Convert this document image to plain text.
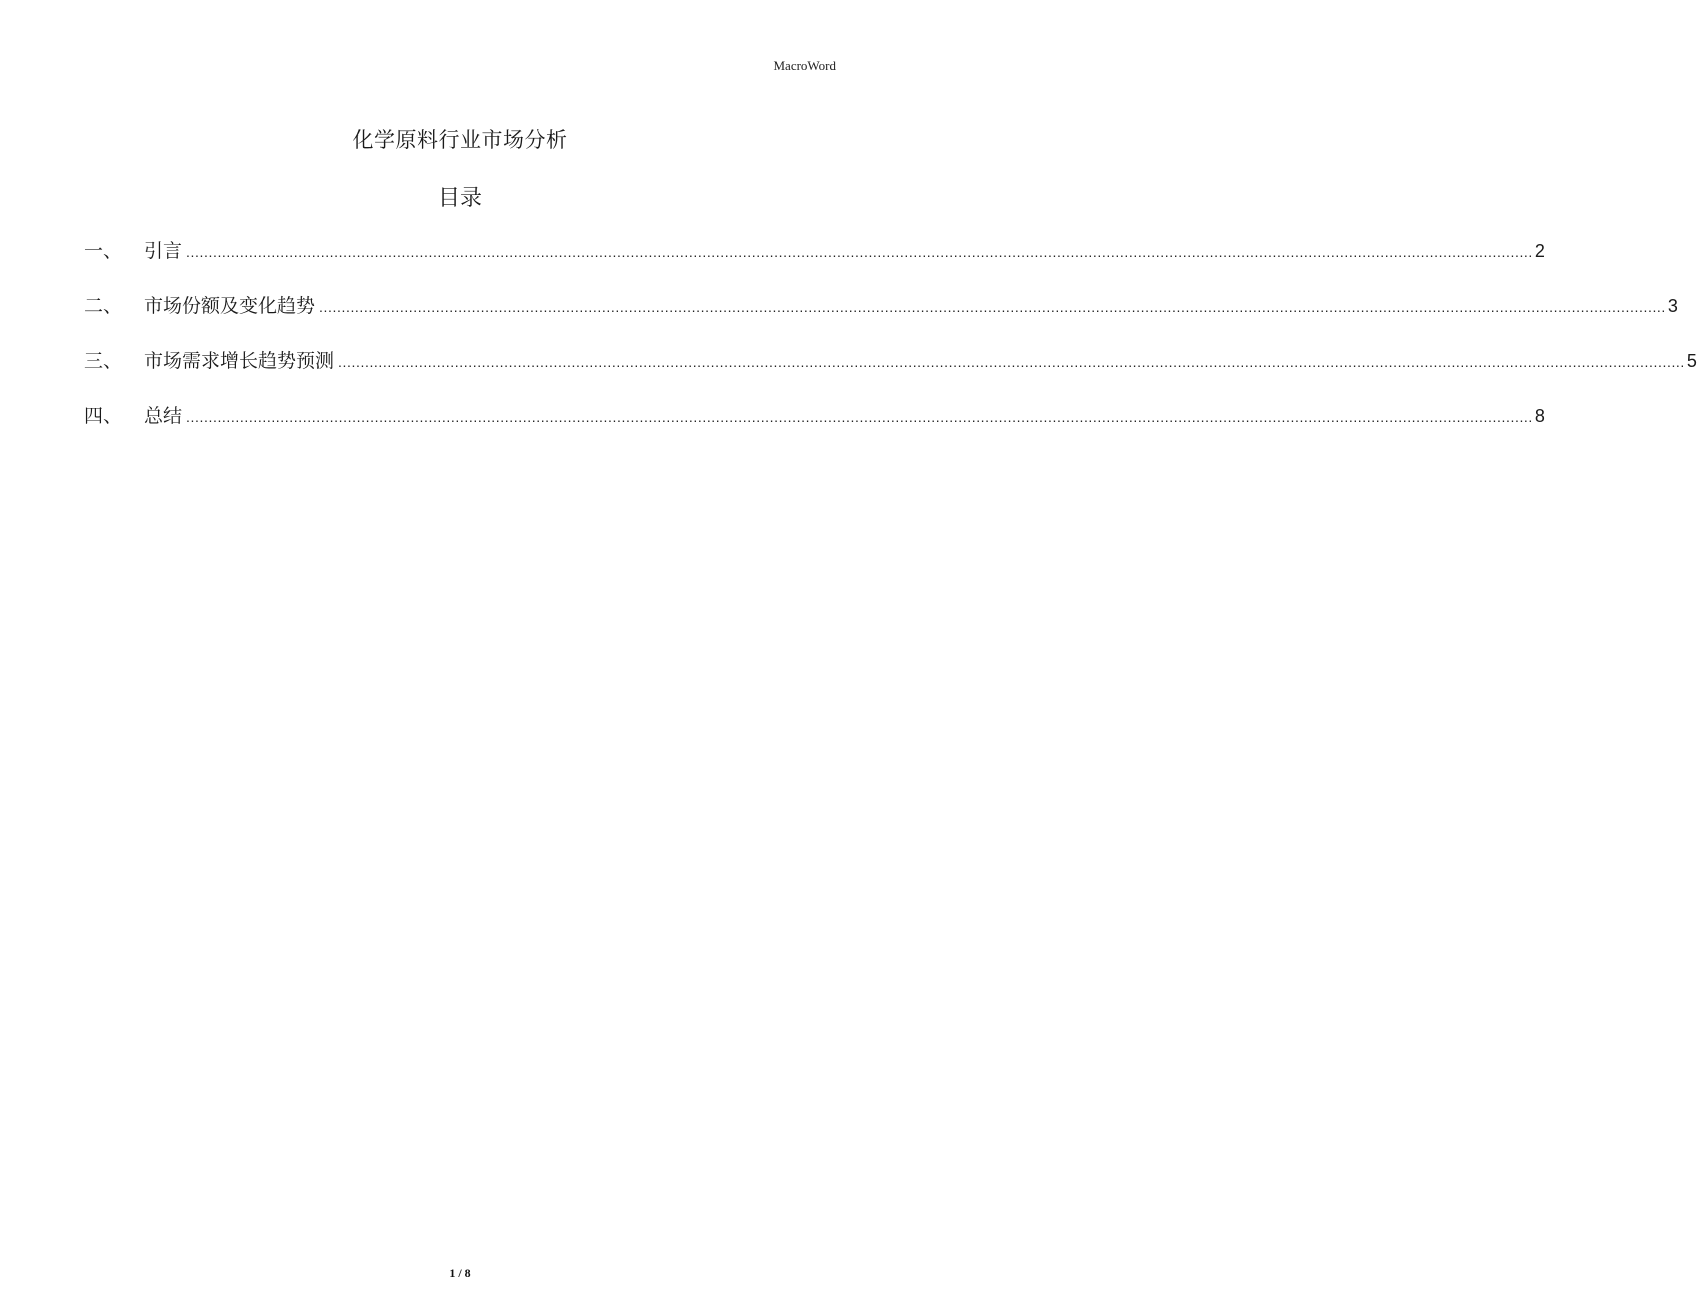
MacroWord
化学原料行业市场分析
目录
一、	引言 ............................................................................................................................................................................................................................................................................................................ 2
二、	市场份额及变化趋势 ............................................................................................................................................................................................................................................................................................................ 3
三、	市场需求增长趋势预测 ............................................................................................................................................................................................................................................................................................................ 5
四、	总结 ............................................................................................................................................................................................................................................................................................................ 8
1 / 8
